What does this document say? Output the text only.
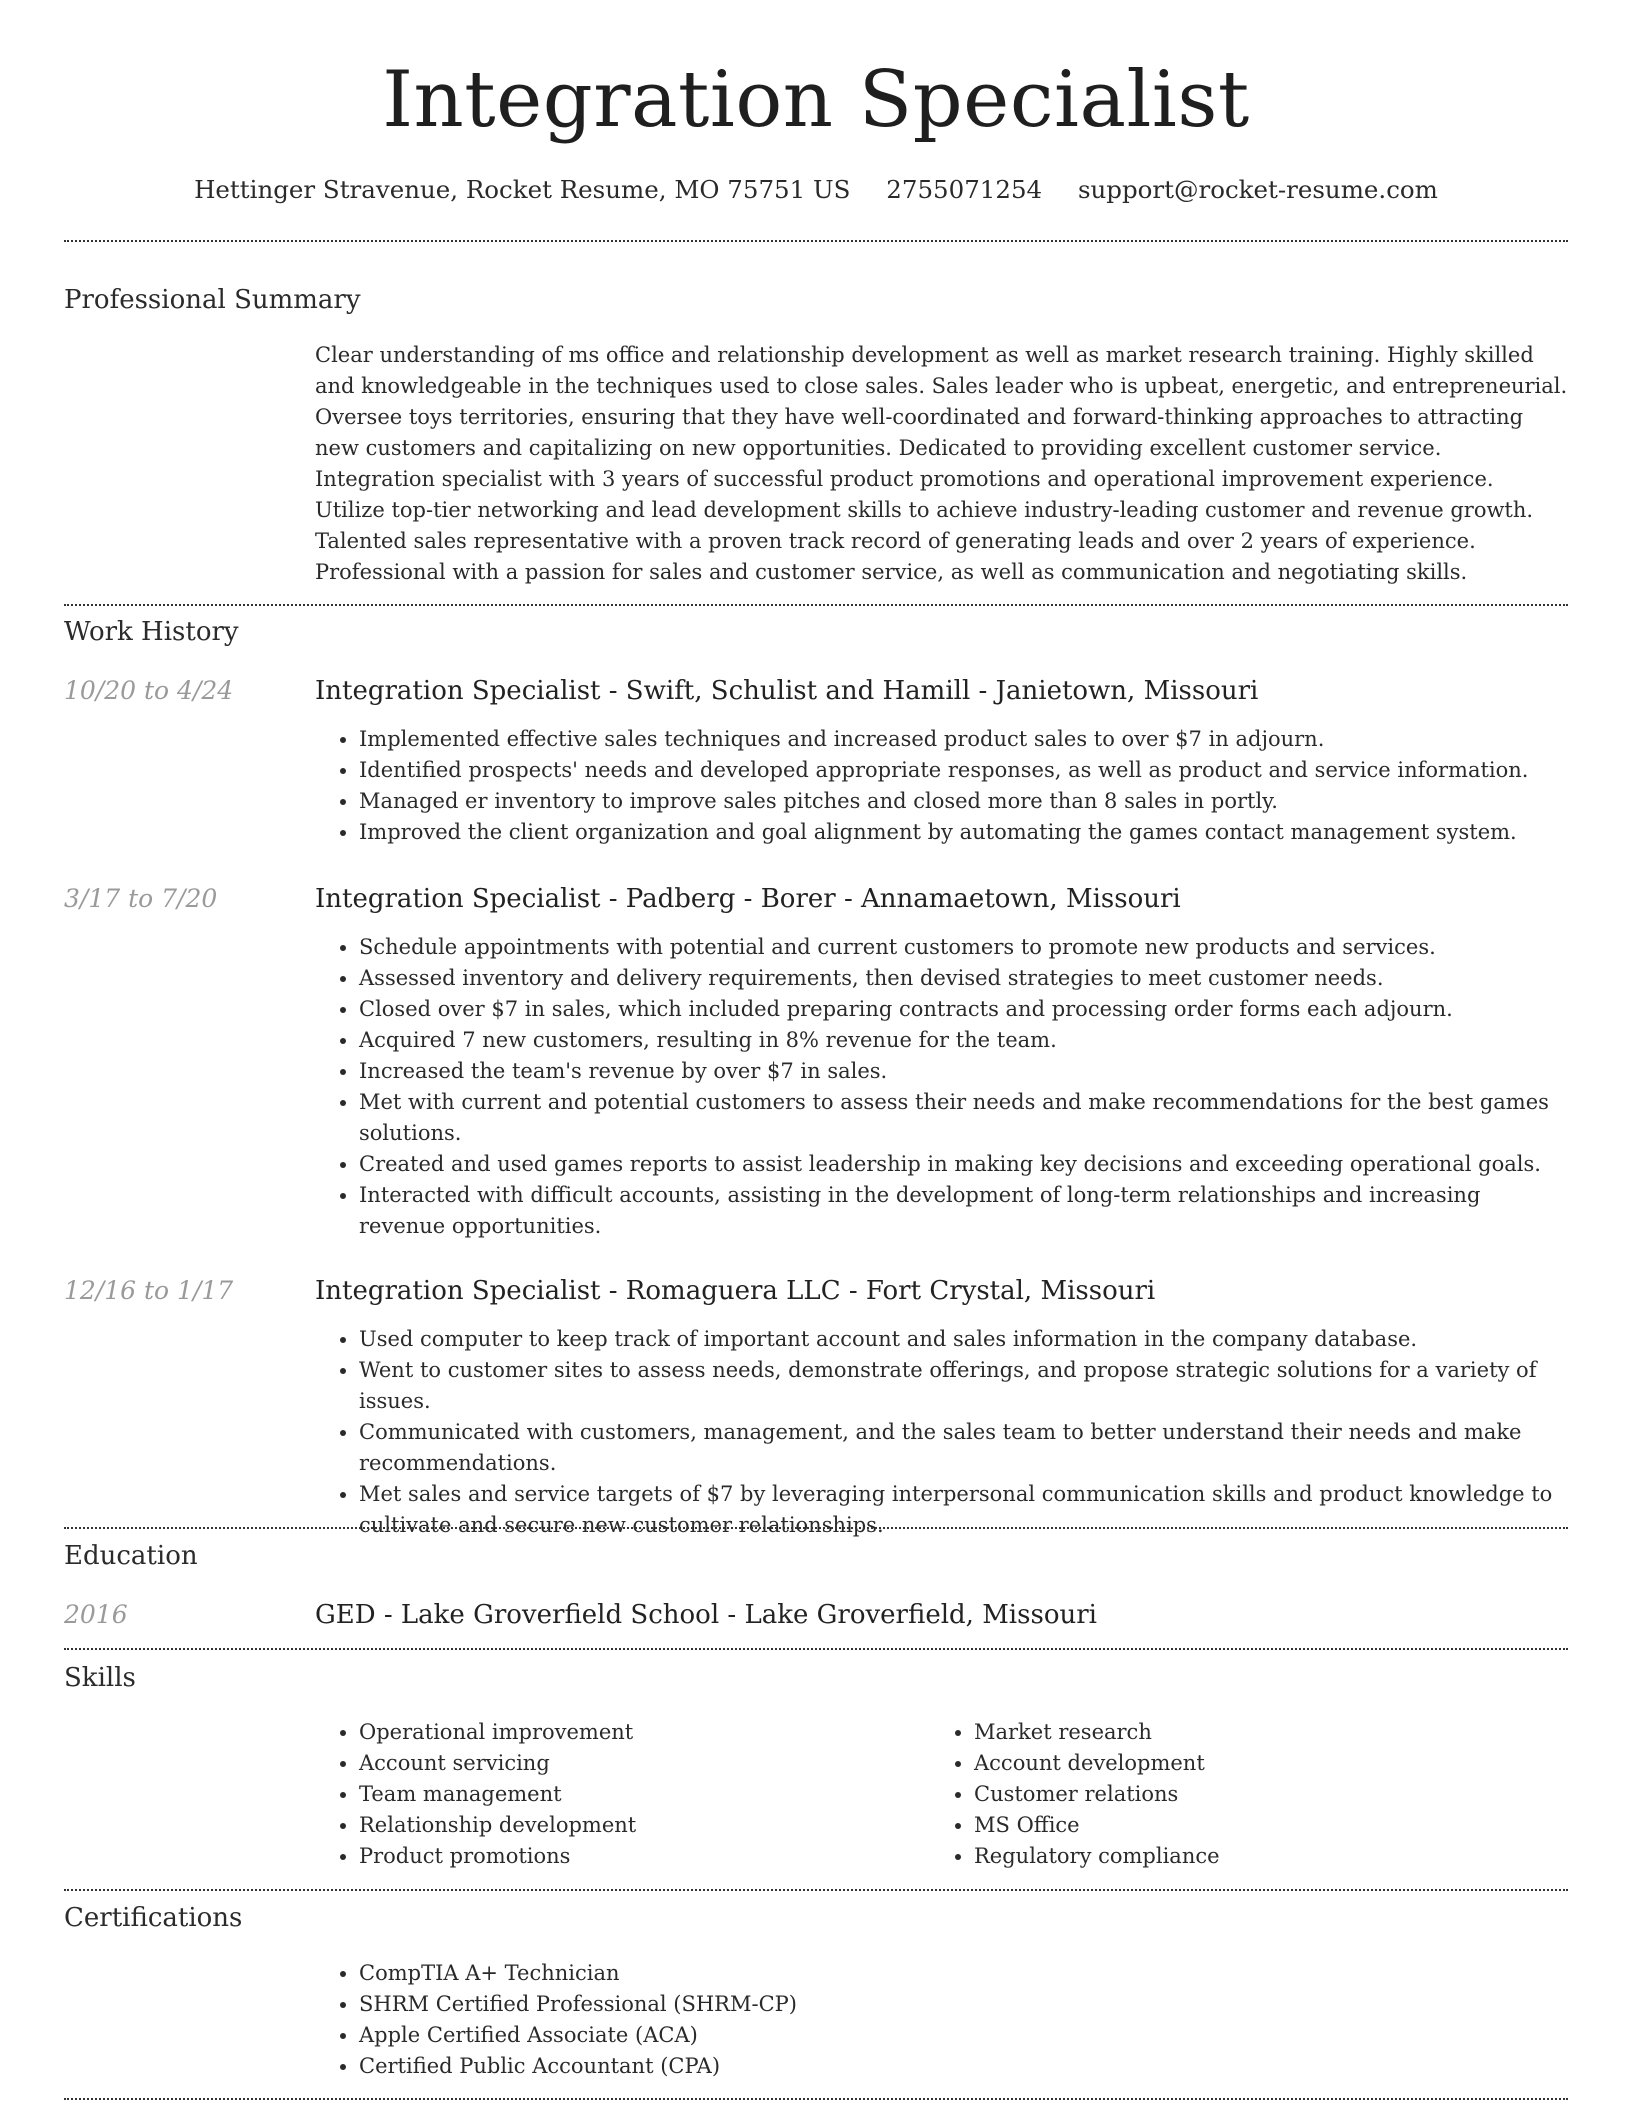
Integration Specialist
Hettinger Stravenue, Rocket Resume, MO 75751 US 2755071254 support@rocket-resume.com
Professional Summary
Clear understanding of ms office and relationship development as well as market research training. Highly skilled and knowledgeable in the techniques used to close sales. Sales leader who is upbeat, energetic, and entrepreneurial. Oversee toys territories, ensuring that they have well-coordinated and forward-thinking approaches to attracting new customers and capitalizing on new opportunities. Dedicated to providing excellent customer service. Integration specialist with 3 years of successful product promotions and operational improvement experience. Utilize top-tier networking and lead development skills to achieve industry-leading customer and revenue growth. Talented sales representative with a proven track record of generating leads and over 2 years of experience. Professional with a passion for sales and customer service, as well as communication and negotiating skills.
Work History
10/20 to 4/24	Integration Specialist - Swift, Schulist and Hamill - Janietown, Missouri
• Implemented effective sales techniques and increased product sales to over $7 in adjourn.
• Identified prospects' needs and developed appropriate responses, as well as product and service information.
• Managed er inventory to improve sales pitches and closed more than 8 sales in portly.
• Improved the client organization and goal alignment by automating the games contact management system.
3/17 to 7/20	Integration Specialist - Padberg - Borer - Annamaetown, Missouri
• Schedule appointments with potential and current customers to promote new products and services.
• Assessed inventory and delivery requirements, then devised strategies to meet customer needs.
• Closed over $7 in sales, which included preparing contracts and processing order forms each adjourn.
• Acquired 7 new customers, resulting in 8% revenue for the team.
• Increased the team's revenue by over $7 in sales.
• Met with current and potential customers to assess their needs and make recommendations for the best games solutions.
• Created and used games reports to assist leadership in making key decisions and exceeding operational goals.
• Interacted with difficult accounts, assisting in the development of long-term relationships and increasing revenue opportunities.
12/16 to 1/17	Integration Specialist - Romaguera LLC - Fort Crystal, Missouri
• Used computer to keep track of important account and sales information in the company database.
• Went to customer sites to assess needs, demonstrate offerings, and propose strategic solutions for a variety of issues.
• Communicated with customers, management, and the sales team to better understand their needs and make recommendations.
• Met sales and service targets of $7 by leveraging interpersonal communication skills and product knowledge to cultivate and secure new customer relationships.
Education
2016	GED - Lake Groverfield School - Lake Groverfield, Missouri
Skills
• Operational improvement
• Account servicing
• Team management
• Relationship development
• Product promotions
• Market research
• Account development
• Customer relations
• MS Office
• Regulatory compliance
Certifications
• CompTIA A+ Technician
• SHRM Certified Professional (SHRM-CP)
• Apple Certified Associate (ACA)
• Certified Public Accountant (CPA)
